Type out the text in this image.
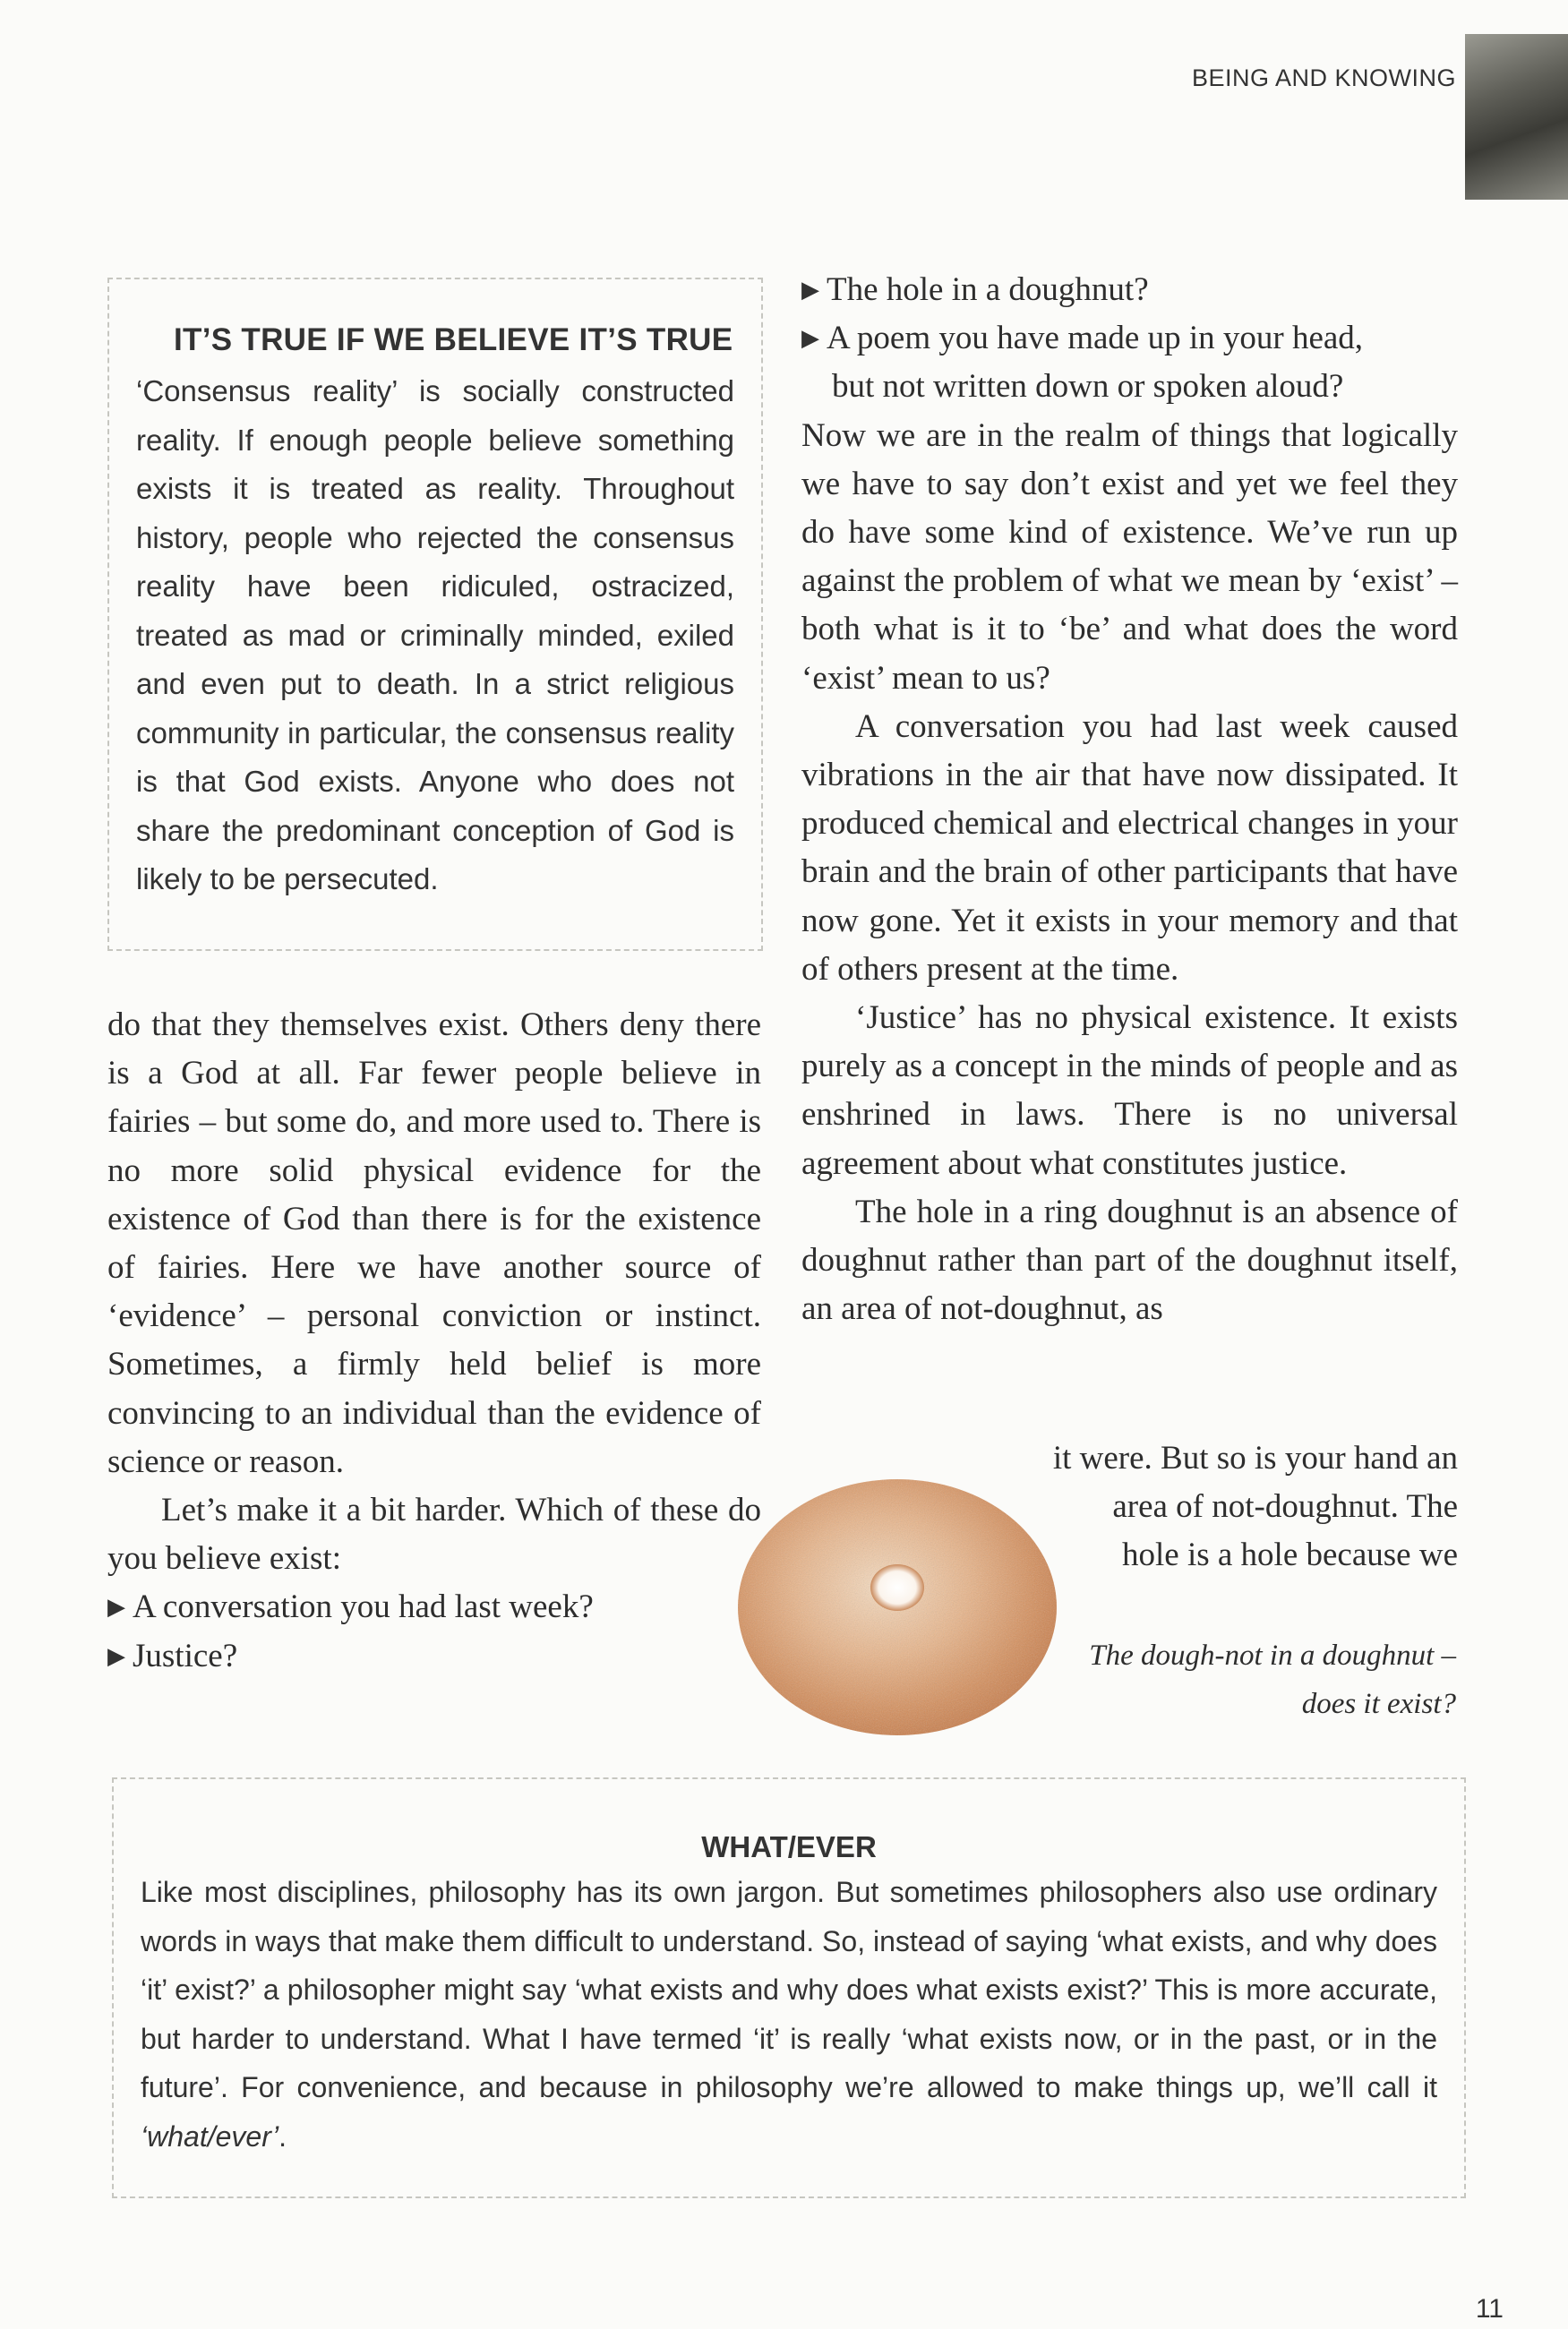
BEING AND KNOWING
IT’S TRUE IF WE BELIEVE IT’S TRUE
‘Consensus reality’ is socially constructed reality. If enough people believe something exists it is treated as reality. Throughout history, people who rejected the consensus reality have been ridiculed, ostracized, treated as mad or criminally minded, exiled and even put to death. In a strict religious community in particular, the consensus reality is that God exists. Anyone who does not share the predominant conception of God is likely to be persecuted.

do that they themselves exist. Others deny there is a God at all. Far fewer people believe in fairies – but some do, and more used to. There is no more solid physical evidence for the existence of God than there is for the existence of fairies. Here we have another source of ‘evidence’ – personal conviction or instinct. Sometimes, a firmly held belief is more convincing to an individual than the evidence of science or reason.

Let’s make it a bit harder. Which of these do you believe exist:

▶ A conversation you had last week?
▶ Justice?
▶ The hole in a doughnut?
▶ A poem you have made up in your head,
but not written down or spoken aloud?

Now we are in the realm of things that logically we have to say don’t exist and yet we feel they do have some kind of existence. We’ve run up against the problem of what we mean by ‘exist’ – both what is it to ‘be’ and what does the word ‘exist’ mean to us?

A conversation you had last week caused vibrations in the air that have now dissipated. It produced chemical and electrical changes in your brain and the brain of other participants that have now gone. Yet it exists in your memory and that of others present at the time.

‘Justice’ has no physical existence. It exists purely as a concept in the minds of people and as enshrined in laws. There is no universal agreement about what constitutes justice.

The hole in a ring doughnut is an absence of doughnut rather than part of the doughnut itself, an area of not-doughnut, as

it were. But so is your hand an
area of not-doughnut. The
hole is a hole because we
The dough-not in a doughnut –
does it exist?
WHAT/EVER
Like most disciplines, philosophy has its own jargon. But sometimes philosophers also use ordinary words in ways that make them difficult to understand. So, instead of saying ‘what exists, and why does ‘it’ exist?’ a philosopher might say ‘what exists and why does what exists exist?’ This is more accurate, but harder to understand. What I have termed ‘it’ is really ‘what exists now, or in the past, or in the future’. For convenience, and because in philosophy we’re allowed to make things up, we’ll call it ‘what/ever’.
11
